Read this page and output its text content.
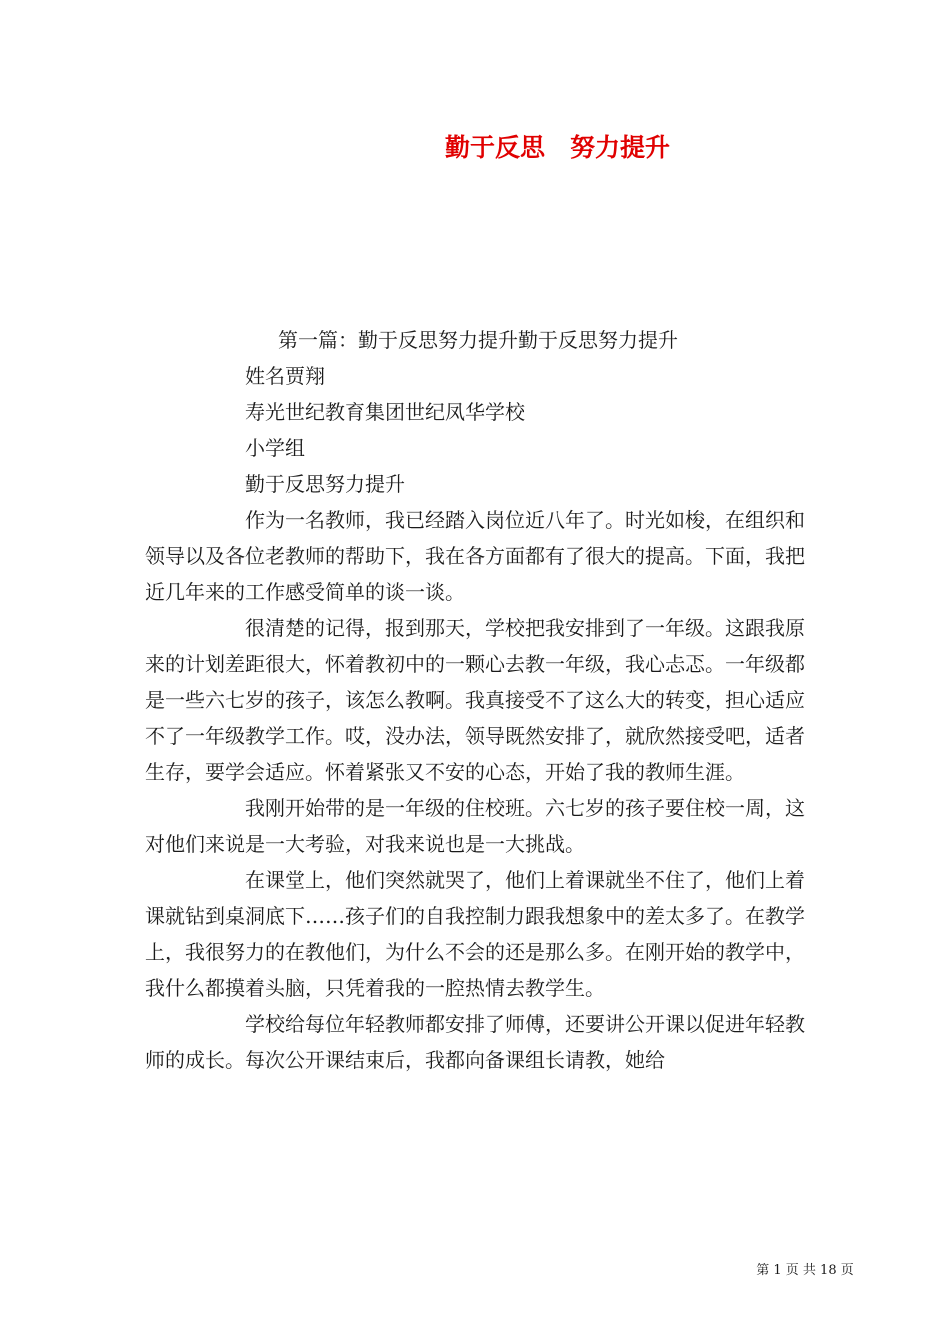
勤于反思　努力提升

第一篇：勤于反思努力提升勤于反思努力提升

姓名贾翔

寿光世纪教育集团世纪凤华学校

小学组

勤于反思努力提升

作为一名教师，我已经踏入岗位近八年了。时光如梭，在组织和领导以及各位老教师的帮助下，我在各方面都有了很大的提高。下面，我把近几年来的工作感受简单的谈一谈。

很清楚的记得，报到那天，学校把我安排到了一年级。这跟我原来的计划差距很大，怀着教初中的一颗心去教一年级，我心忐忑。一年级都是一些六七岁的孩子，该怎么教啊。我真接受不了这么大的转变，担心适应不了一年级教学工作。哎，没办法，领导既然安排了，就欣然接受吧，适者生存，要学会适应。怀着紧张又不安的心态，开始了我的教师生涯。

我刚开始带的是一年级的住校班。六七岁的孩子要住校一周，这对他们来说是一大考验，对我来说也是一大挑战。

在课堂上，他们突然就哭了，他们上着课就坐不住了，他们上着课就钻到桌洞底下……孩子们的自我控制力跟我想象中的差太多了。在教学上，我很努力的在教他们，为什么不会的还是那么多。在刚开始的教学中，我什么都摸着头脑，只凭着我的一腔热情去教学生。

学校给每位年轻教师都安排了师傅，还要讲公开课以促进年轻教师的成长。每次公开课结束后，我都向备课组长请教，她给

第 1 页 共 18 页
